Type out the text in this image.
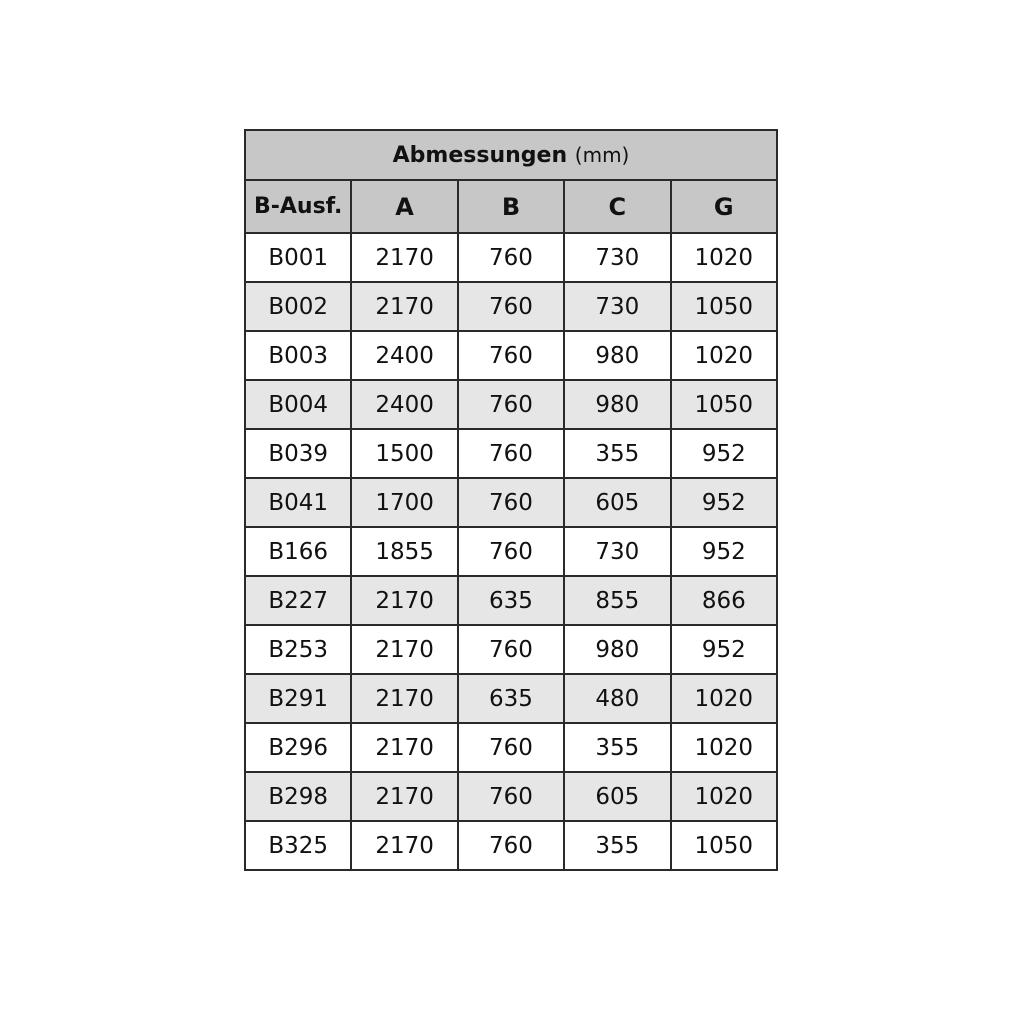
Abmessungen (mm)				
B-Ausf.	A	B	C	G
B001	2170	760	730	1020
B002	2170	760	730	1050
B003	2400	760	980	1020
B004	2400	760	980	1050
B039	1500	760	355	952
B041	1700	760	605	952
B166	1855	760	730	952
B227	2170	635	855	866
B253	2170	760	980	952
B291	2170	635	480	1020
B296	2170	760	355	1020
B298	2170	760	605	1020
B325	2170	760	355	1050
